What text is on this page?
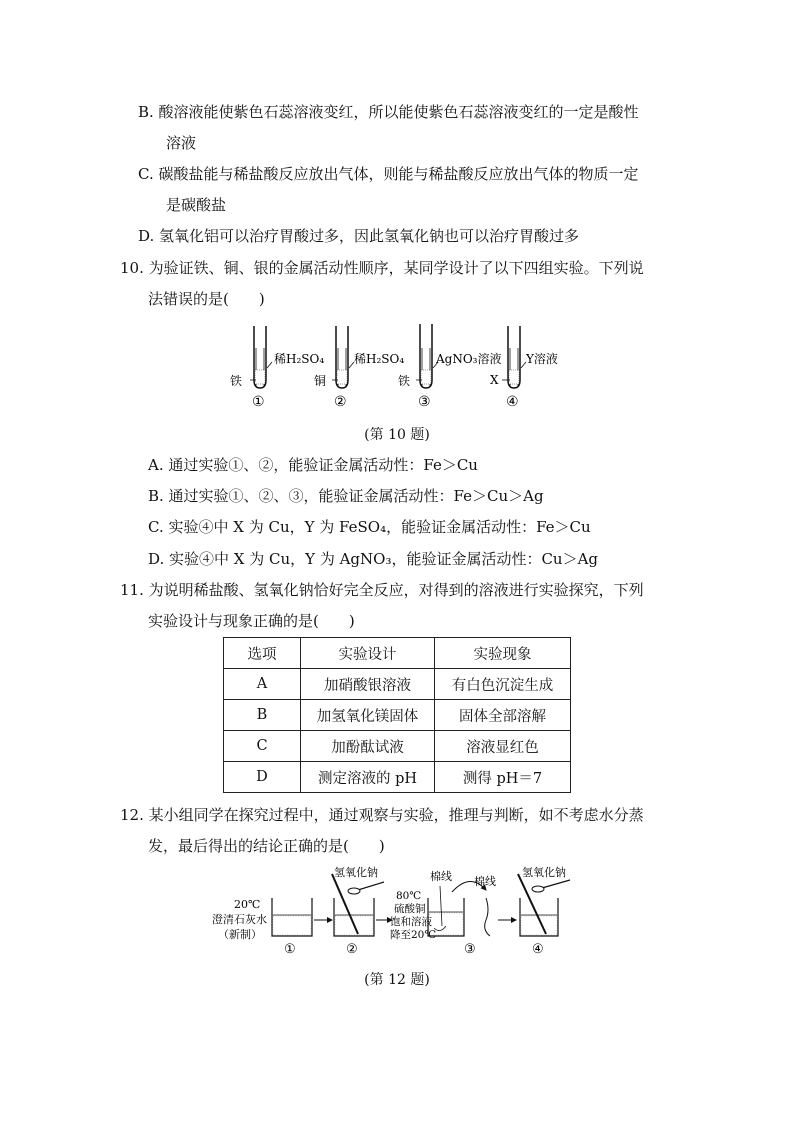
B. 酸溶液能使紫色石蕊溶液变红，所以能使紫色石蕊溶液变红的一定是酸性
溶液
C. 碳酸盐能与稀盐酸反应放出气体，则能与稀盐酸反应放出气体的物质一定
是碳酸盐
D. 氢氧化铝可以治疗胃酸过多，因此氢氧化钠也可以治疗胃酸过多
10. 为验证铁、铜、银的金属活动性顺序，某同学设计了以下四组实验。下列说
法错误的是(　　)
稀H₂SO₄
铁
①
稀H₂SO₄
铜
②
AgNO₃溶液
铁
③
Y溶液
X
④
(第 10 题)
A. 通过实验①、②，能验证金属活动性：Fe＞Cu
B. 通过实验①、②、③，能验证金属活动性：Fe＞Cu＞Ag
C. 实验④中 X 为 Cu，Y 为 FeSO₄，能验证金属活动性：Fe＞Cu
D. 实验④中 X 为 Cu，Y 为 AgNO₃，能验证金属活动性：Cu＞Ag
11. 为说明稀盐酸、氢氧化钠恰好完全反应，对得到的溶液进行实验探究，下列
实验设计与现象正确的是(　　)
选项	实验设计	实验现象
A	加硝酸银溶液	有白色沉淀生成
B	加氢氧化镁固体	固体全部溶解
C	加酚酞试液	溶液显红色
D	测定溶液的 pH	测得 pH＝7
12. 某小组同学在探究过程中，通过观察与实验，推理与判断，如不考虑水分蒸
发，最后得出的结论正确的是(　　)
20℃
澄清石灰水
（新制）
①
氢氧化钠
②
80℃
硫酸铜
饱和溶液
降至20℃
棉线 棉线
③
氢氧化钠
④
(第 12 题)
